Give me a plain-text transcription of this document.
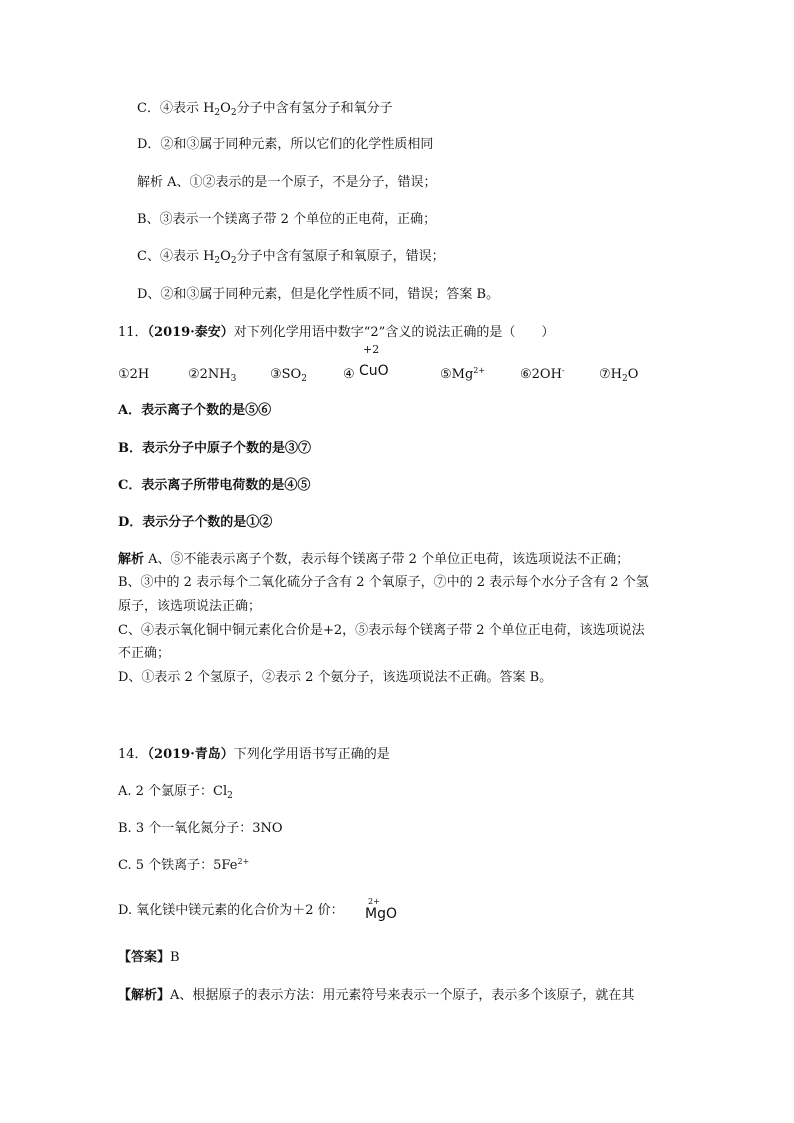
C．④表示 $H_2O_2$分子中含有氢分子和氧分子
D．②和③属于同种元素，所以它们的化学性质相同
解析 A、①②表示的是一个原子，不是分子，错误；
B、③表示一个镁离子带 2 个单位的正电荷，正确；
C、④表示 $H_2O_2$分子中含有氢原子和氧原子，错误；
D、②和③属于同种元素，但是化学性质不同，错误；答案 B。
11．（2019·泰安）对下列化学用语中数字“2”含义的说法正确的是（　　）
①2H	$②2NH_3$	$③SO_2$	④
+2
CuO	$⑤Mg^{2+}$	⑥2OH-	$⑦H_2O$
A．表示离子个数的是⑤⑥
B．表示分子中原子个数的是③⑦
C．表示离子所带电荷数的是④⑤
D．表示分子个数的是①②
解析 A、⑤不能表示离子个数，表示每个镁离子带 2 个单位正电荷，该选项说法不正确；
B、③中的 2 表示每个二氧化硫分子含有 2 个氧原子，⑦中的 2 表示每个水分子含有 2 个氢
原子，该选项说法正确；
C、④表示氧化铜中铜元素化合价是+2，⑤表示每个镁离子带 2 个单位正电荷，该选项说法
不正确；
D、①表示 2 个氢原子，②表示 2 个氨分子，该选项说法不正确。答案 B。
14．（2019·青岛）下列化学用语书写正确的是
A. 2 个氯原子：$Cl_2$
B. 3 个一氧化氮分子：3NO
C. 5 个铁离子：$5Fe^{2+}$
D. 氧化镁中镁元素的化合价为＋2 价：
2+
MgO
【答案】B
【解析】A、根据原子的表示方法：用元素符号来表示一个原子，表示多个该原子，就在其
